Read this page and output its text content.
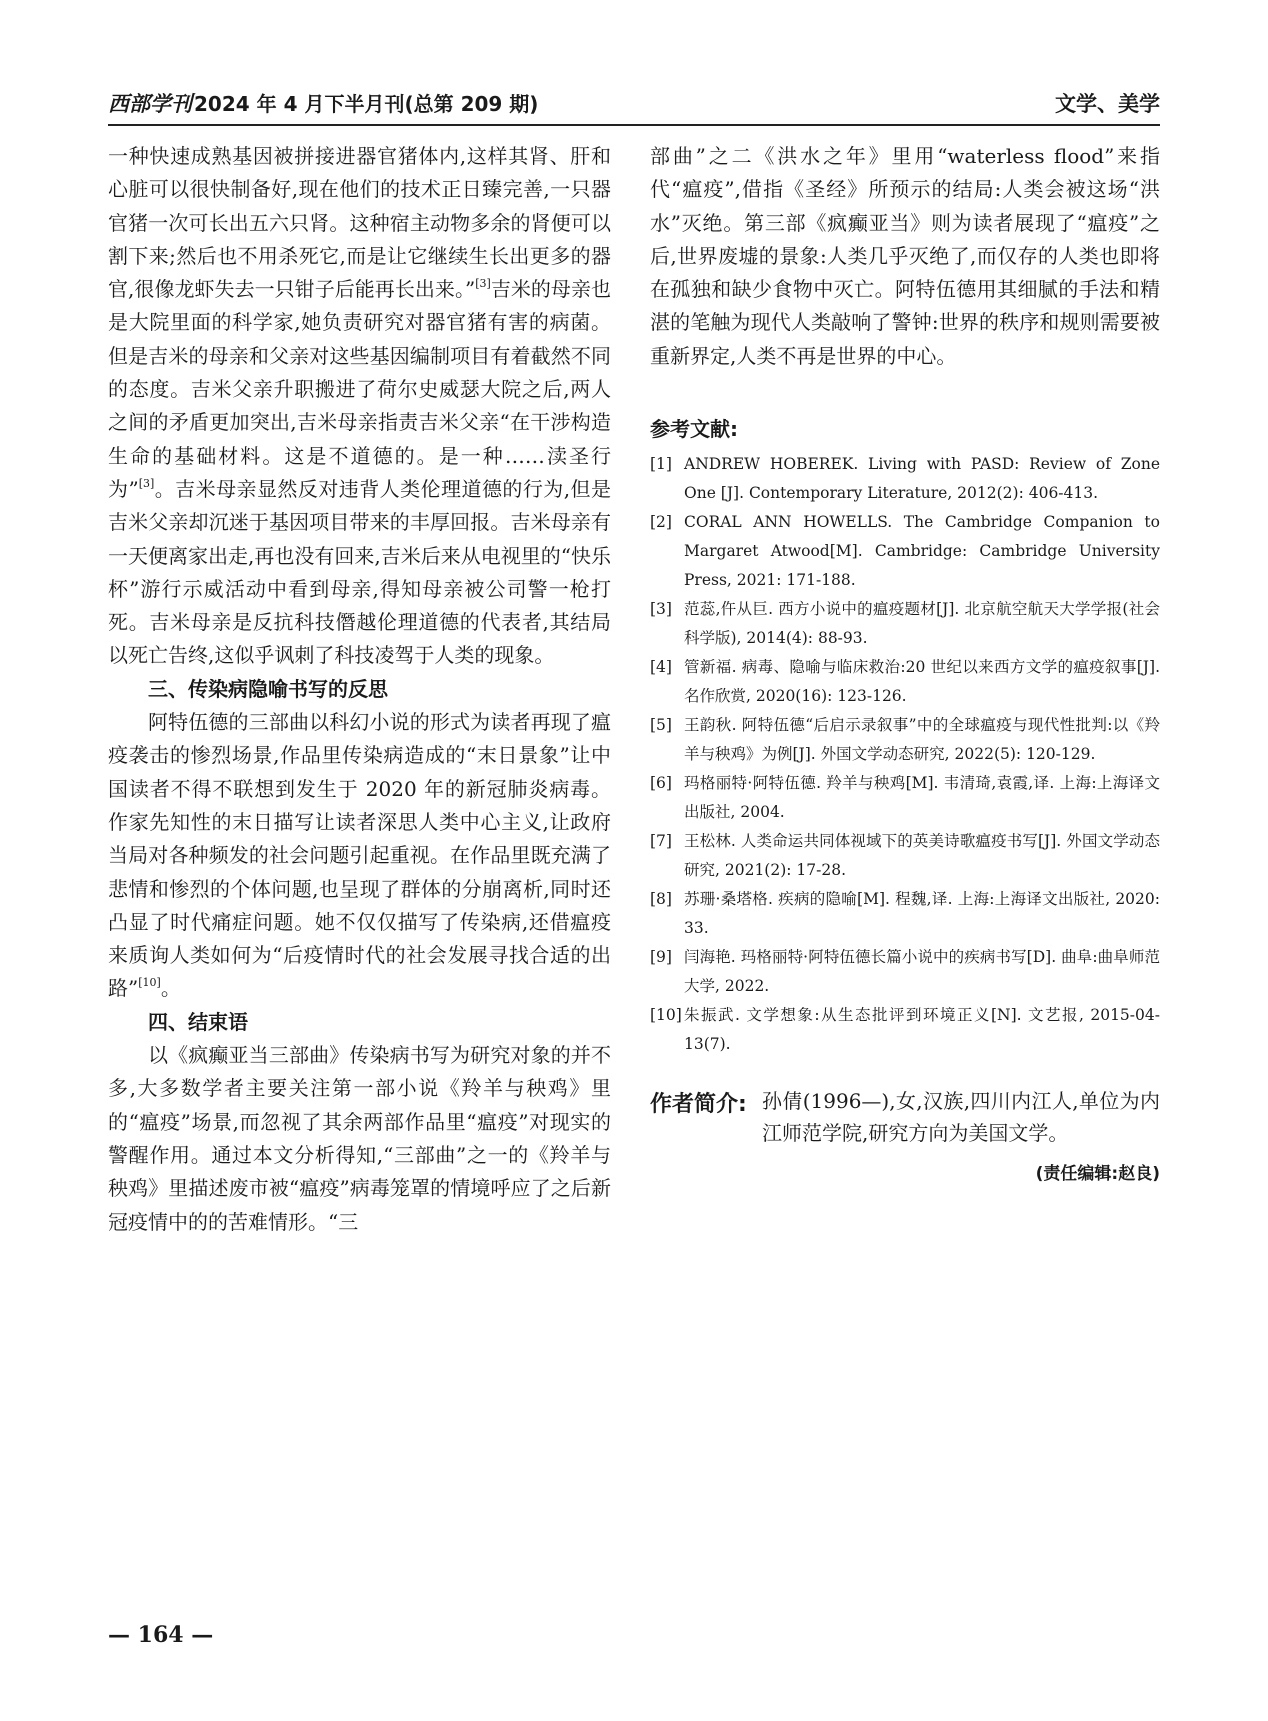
西部学刊 2024 年 4 月下半月刊(总第 209 期)	文学、美学

一种快速成熟基因被拼接进器官猪体内,这样其肾、肝和心脏可以很快制备好,现在他们的技术正日臻完善,一只器官猪一次可长出五六只肾。这种宿主动物多余的肾便可以割下来;然后也不用杀死它,而是让它继续生长出更多的器官,很像龙虾失去一只钳子后能再长出来。”[3]吉米的母亲也是大院里面的科学家,她负责研究对器官猪有害的病菌。但是吉米的母亲和父亲对这些基因编制项目有着截然不同的态度。吉米父亲升职搬进了荷尔史威瑟大院之后,两人之间的矛盾更加突出,吉米母亲指责吉米父亲“在干涉构造生命的基础材料。这是不道德的。是一种……渎圣行为”[3]。吉米母亲显然反对违背人类伦理道德的行为,但是吉米父亲却沉迷于基因项目带来的丰厚回报。吉米母亲有一天便离家出走,再也没有回来,吉米后来从电视里的“快乐杯”游行示威活动中看到母亲,得知母亲被公司警一枪打死。吉米母亲是反抗科技僭越伦理道德的代表者,其结局以死亡告终,这似乎讽刺了科技凌驾于人类的现象。

三、传染病隐喻书写的反思

阿特伍德的三部曲以科幻小说的形式为读者再现了瘟疫袭击的惨烈场景,作品里传染病造成的“末日景象”让中国读者不得不联想到发生于 2020 年的新冠肺炎病毒。作家先知性的末日描写让读者深思人类中心主义,让政府当局对各种频发的社会问题引起重视。在作品里既充满了悲情和惨烈的个体问题,也呈现了群体的分崩离析,同时还凸显了时代痛症问题。她不仅仅描写了传染病,还借瘟疫来质询人类如何为“后疫情时代的社会发展寻找合适的出路”[10]。

四、结束语

以《疯癫亚当三部曲》传染病书写为研究对象的并不多,大多数学者主要关注第一部小说《羚羊与秧鸡》里的“瘟疫”场景,而忽视了其余两部作品里“瘟疫”对现实的警醒作用。通过本文分析得知,“三部曲”之一的《羚羊与秧鸡》里描述废市被“瘟疫”病毒笼罩的情境呼应了之后新冠疫情中的的苦难情形。“三

部曲”之二《洪水之年》里用“waterless flood”来指代“瘟疫”,借指《圣经》所预示的结局:人类会被这场“洪水”灭绝。第三部《疯癫亚当》则为读者展现了“瘟疫”之后,世界废墟的景象:人类几乎灭绝了,而仅存的人类也即将在孤独和缺少食物中灭亡。阿特伍德用其细腻的手法和精湛的笔触为现代人类敲响了警钟:世界的秩序和规则需要被重新界定,人类不再是世界的中心。

参考文献:
[1] ANDREW HOBEREK. Living with PASD: Review of Zone One [J]. Contemporary Literature, 2012(2): 406-413.
[2] CORAL ANN HOWELLS. The Cambridge Companion to Margaret Atwood[M]. Cambridge: Cambridge University Press, 2021: 171-188.
[3] 范蕊,仵从巨. 西方小说中的瘟疫题材[J]. 北京航空航天大学学报(社会科学版), 2014(4): 88-93.
[4] 管新福. 病毒、隐喻与临床救治:20 世纪以来西方文学的瘟疫叙事[J]. 名作欣赏, 2020(16): 123-126.
[5] 王韵秋. 阿特伍德“后启示录叙事”中的全球瘟疫与现代性批判:以《羚羊与秧鸡》为例[J]. 外国文学动态研究, 2022(5): 120-129.
[6] 玛格丽特·阿特伍德. 羚羊与秧鸡[M]. 韦清琦,袁霞,译. 上海:上海译文出版社, 2004.
[7] 王松林. 人类命运共同体视域下的英美诗歌瘟疫书写[J]. 外国文学动态研究, 2021(2): 17-28.
[8] 苏珊·桑塔格. 疾病的隐喻[M]. 程魏,译. 上海:上海译文出版社, 2020: 33.
[9] 闫海艳. 玛格丽特·阿特伍德长篇小说中的疾病书写[D]. 曲阜:曲阜师范大学, 2022.
[10] 朱振武. 文学想象:从生态批评到环境正义[N]. 文艺报, 2015-04-13(7).
作者简介: 孙倩(1996—),女,汉族,四川内江人,单位为内江师范学院,研究方向为美国文学。
(责任编辑:赵良)
— 164 —
